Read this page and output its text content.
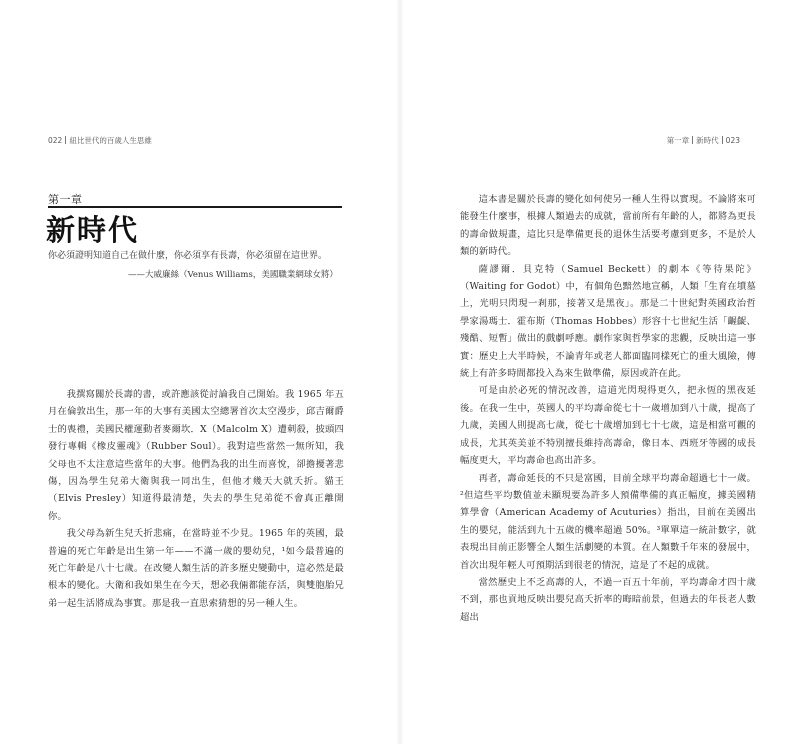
022 紐比世代的百歲人生思維
第一章
新時代
你必須證明知道自己在做什麼，你必須享有長壽，你必須留在這世界。
——大威廉絲（Venus Williams，美國職業網球女將）

我撰寫關於長壽的書，或許應該從討論我自己開始。我 1965 年五月在倫敦出生，那一年的大事有美國太空總署首次太空漫步，邱吉爾爵士的喪禮，美國民權運動者麥爾坎．X（Malcolm X）遭刺殺，披頭四發行專輯《橡皮靈魂》（Rubber Soul）。我對這些當然一無所知，我父母也不太注意這些當年的大事。他們為我的出生而喜悅，卻擔擾著悲傷，因為學生兒弟大衛與我一同出生，但他才幾天大就夭折。貓王（Elvis Presley）知道得最清楚，失去的學生兒弟從不會真正離開你。

我父母為新生兒夭折悲痛，在當時並不少見。1965 年的英國，最普遍的死亡年齡是出生第一年——不滿一歲的嬰幼兒，¹如今最普遍的死亡年齡是八十七歲。在改變人類生活的許多歷史變動中，這必然是最根本的變化。大衛和我如果生在今天，想必我倆都能存活，與雙胞胎兄弟一起生活將成為事實。那是我一直思索猜想的另一種人生。

第一章 新時代 023

這本書是關於長壽的變化如何使另一種人生得以實現。不論將來可能發生什麼事，根據人類過去的成就，當前所有年齡的人，都將為更長的壽命做規畫，這比只是準備更長的退休生活要考慮到更多，不是於人類的新時代。

薩謬爾．貝克特（Samuel Beckett）的劇本《等待果陀》（Waiting for Godot）中，有個角色黯然地宣稱，人類「生育在墳墓上，光明只閃現一剎那，接著又是黑夜」。那是二十世紀對英國政治哲學家湯瑪士．霍布斯（Thomas Hobbes）形容十七世紀生活「齷齪、殘酷、短暫」做出的戲劇呼應。劇作家與哲學家的悲觀，反映出這一事實：歷史上大半時候，不論青年或老人都面臨同樣死亡的重大風險，傳統上有許多時間都投入為來生做準備，原因或許在此。

可是由於必死的情況改善，這道光閃現得更久，把永恆的黑夜延後。在我一生中，英國人的平均壽命從七十一歲增加到八十歲，提高了九歲，美國人則提高七歲，從七十歲增加到七十七歲，這是相當可觀的成長，尤其英美並不特別擅長維持高壽命，像日本、西班牙等國的成長幅度更大，平均壽命也高出許多。

再者，壽命延長的不只是富國，目前全球平均壽命超過七十一歲。²但這些平均數值並未顯現要為許多人預備準備的真正幅度，據美國精算學會（American Academy of Acuturies）指出，目前在美國出生的嬰兒，能活到九十五歲的機率超過 50%。³單單這一統計數字，就表現出目前正影響全人類生活劇變的本質。在人類數千年來的發展中，首次出現年輕人可預期活到很老的情況，這是了不起的成就。

當然歷史上不乏高壽的人，不過一百五十年前，平均壽命才四十歲不到，那也貢地反映出嬰兒高夭折率的晦暗前景，但過去的年長老人數超出
